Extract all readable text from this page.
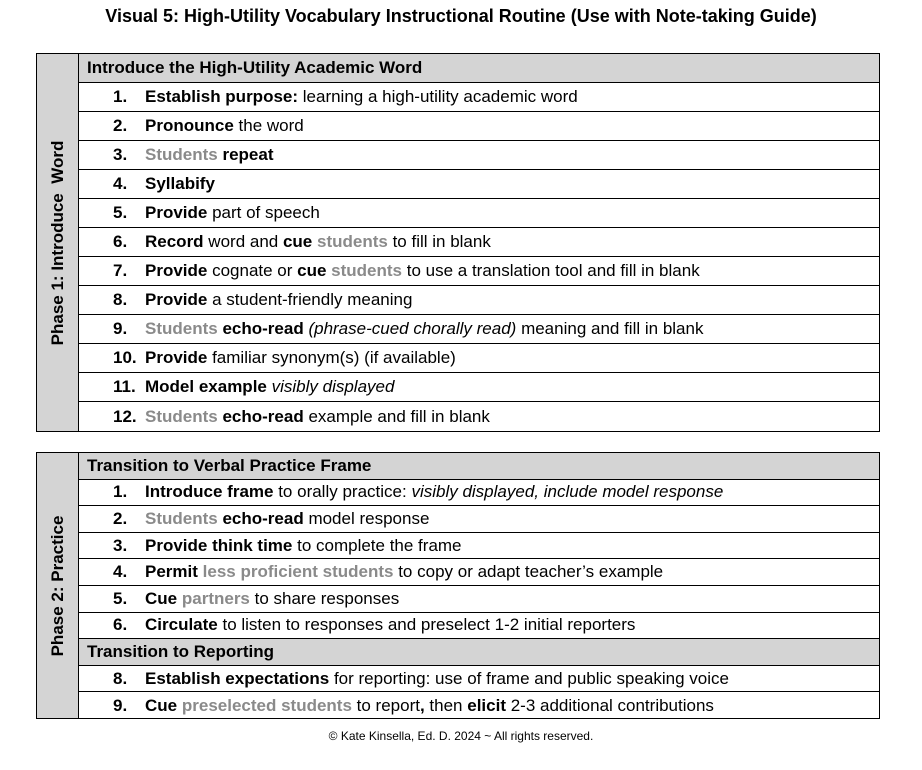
Visual 5: High-Utility Vocabulary Instructional Routine (Use with Note-taking Guide)
Phase 1: Introduce  Word
Introduce the High-Utility Academic Word
1.	Establish purpose: learning a high-utility academic word
2.	Pronounce the word
3.	Students repeat
4.	Syllabify
5.	Provide part of speech
6.	Record word and cue students to fill in blank
7.	Provide cognate or cue students to use a translation tool and fill in blank
8.	Provide a student-friendly meaning
9.	Students echo-read (phrase-cued chorally read) meaning and fill in blank
10. Provide familiar synonym(s) (if available)
11. Model example visibly displayed
12. Students echo-read example and fill in blank
Phase 2: Practice
Transition to Verbal Practice Frame
1.	Introduce frame to orally practice: visibly displayed, include model response
2.	Students echo-read model response
3.	Provide think time to complete the frame
4.	Permit less proficient students to copy or adapt teacher’s example
5.	Cue partners to share responses
6.	Circulate to listen to responses and preselect 1-2 initial reporters
Transition to Reporting
8.	Establish expectations for reporting: use of frame and public speaking voice
9.	Cue preselected students to report, then elicit 2-3 additional contributions
© Kate Kinsella, Ed. D. 2024 ~ All rights reserved.
